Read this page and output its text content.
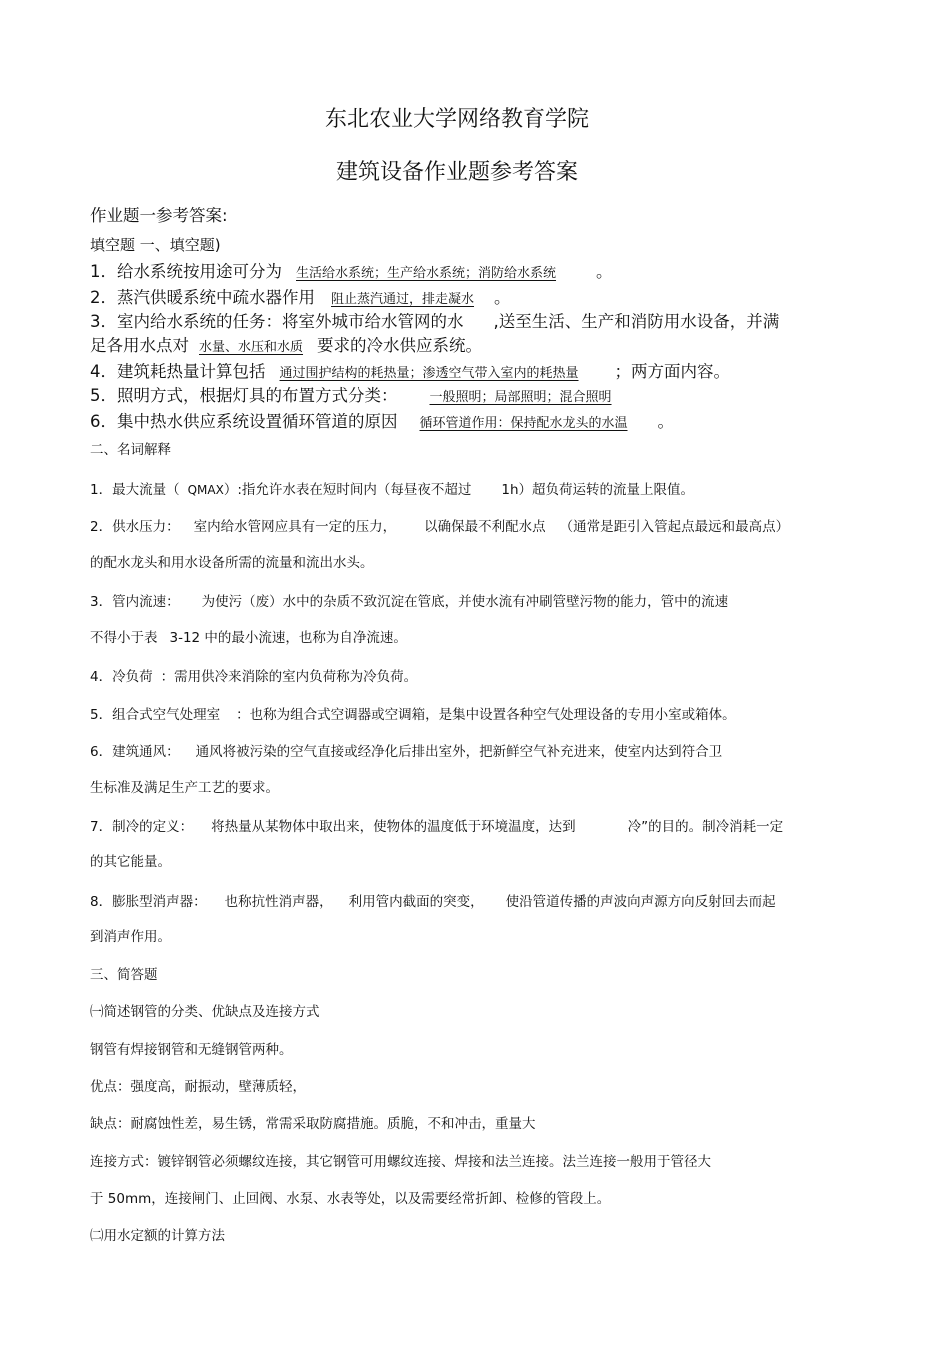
东北农业大学网络教育学院
建筑设备作业题参考答案
作业题一参考答案:
填空题 一、填空题)
1．给水系统按用途可分为 生活给水系统；生产给水系统；消防给水系统 。
2．蒸汽供暖系统中疏水器作用 阻止蒸汽通过，排走凝水 。
3．室内给水系统的任务：将室外城市给水管网的水 ,送至生活、生产和消防用水设备，并满
足各用水点对 水量、水压和水质 要求的冷水供应系统。
4．建筑耗热量计算包括 通过围护结构的耗热量；渗透空气带入室内的耗热量 ；两方面内容。
5．照明方式，根据灯具的布置方式分类： 一般照明；局部照明；混合照明
6．集中热水供应系统设置循环管道的原因 循环管道作用：保持配水龙头的水温 。
二、名词解释
1．最大流量（ QMAX）:指允许水表在短时间内（每昼夜不超过 1h）超负荷运转的流量上限值。
2．供水压力： 室内给水管网应具有一定的压力， 以确保最不利配水点 （通常是距引入管起点最远和最高点）
的配水龙头和用水设备所需的流量和流出水头。
3．管内流速： 为使污（废）水中的杂质不致沉淀在管底，并使水流有冲刷管壁污物的能力，管中的流速
不得小于表 3-12 中的最小流速，也称为自净流速。
4．冷负荷 ：需用供冷来消除的室内负荷称为冷负荷。
5．组合式空气处理室 ：也称为组合式空调器或空调箱，是集中设置各种空气处理设备的专用小室或箱体。
6．建筑通风： 通风将被污染的空气直接或经净化后排出室外，把新鲜空气补充进来，使室内达到符合卫
生标准及满足生产工艺的要求。
7．制冷的定义： 将热量从某物体中取出来，使物体的温度低于环境温度，达到	冷”的目的。制冷消耗一定
的其它能量。
8．膨胀型消声器： 也称抗性消声器， 利用管内截面的突变， 使沿管道传播的声波向声源方向反射回去而起
到消声作用。
三、简答题
㈠简述钢管的分类、优缺点及连接方式
钢管有焊接钢管和无缝钢管两种。
优点：强度高，耐振动，壁薄质轻，
缺点：耐腐蚀性差，易生锈，常需采取防腐措施。质脆，不和冲击，重量大
连接方式：镀锌钢管必须螺纹连接，其它钢管可用螺纹连接、焊接和法兰连接。法兰连接一般用于管径大
于 50mm，连接闸门、止回阀、水泵、水表等处，以及需要经常折卸、检修的管段上。
㈡用水定额的计算方法
